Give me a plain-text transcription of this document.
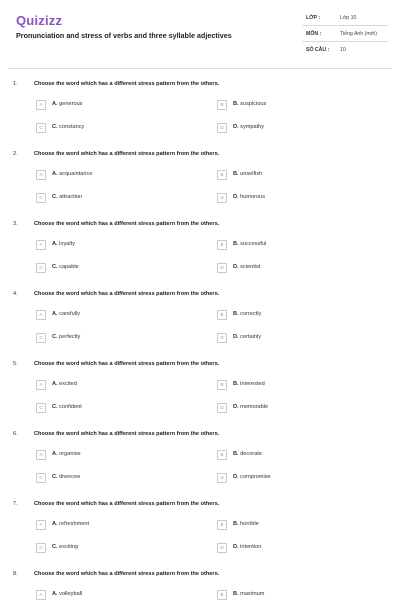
Quizizz
Pronunciation and stress of verbs and three syllable adjectives
LỚP :	Lớp 10
MÔN :	Tiếng Anh (mới)
SỐ CÂU : 10
1.	Choose the word which has a different stress pattern from the others.
A	A. generous	B	B. suspicious
C	C. constancy	D	D. sympathy
2.	Choose the word which has a different stress pattern from the others.
A	A. acquaintance	B	B. unselfish
C	C. attraction	D	D. humorous
3.	Choose the word which has a different stress pattern from the others.
A	A. loyalty	B	B. successful
C	C. capable	D	D. scientist
4.	Choose the word which has a different stress pattern from the others.
A	A. carefully	B	B. correctly
C	C. perfectly	D	D. certainly
5.	Choose the word which has a different stress pattern from the others.
A	A. excited	B	B. interested
C	C. confident	D	D. memorable
6.	Choose the word which has a different stress pattern from the others.
A	A. organise	B	B. decorate
C	C. divorcee	D	D. compromise
7.	Choose the word which has a different stress pattern from the others.
A	A. refreshment	B	B. horrible
C	C. exciting	D	D. intention
8.	Choose the word which has a different stress pattern from the others.
A	A. volleyball	B	B. maximum
